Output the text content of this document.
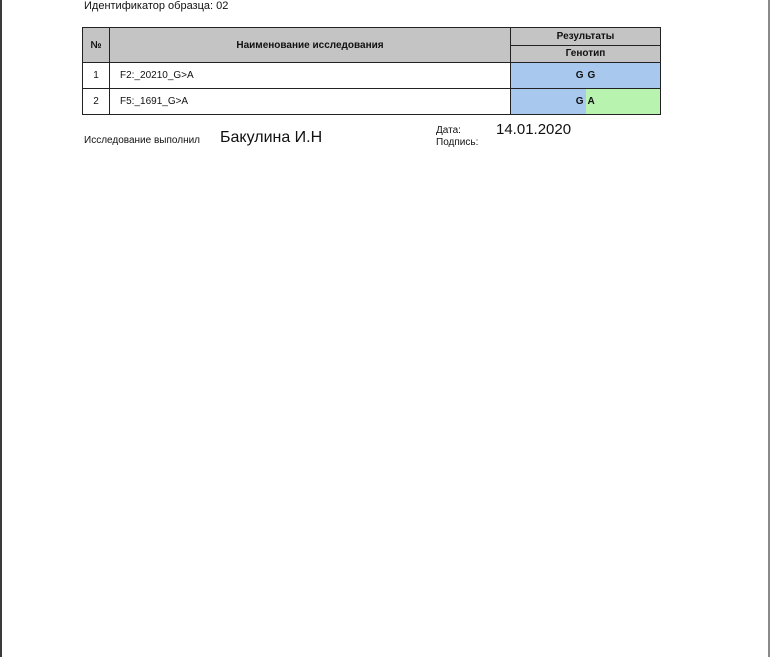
Идентификатор образца: 02
№	Наименование исследования	Результаты
		Генотип
1	F2:_20210_G>A	G G

2	F5:_1691_G>A	G A
Исследование выполнил Бакулина И.Н	Дата:
Подпись:
14.01.2020
